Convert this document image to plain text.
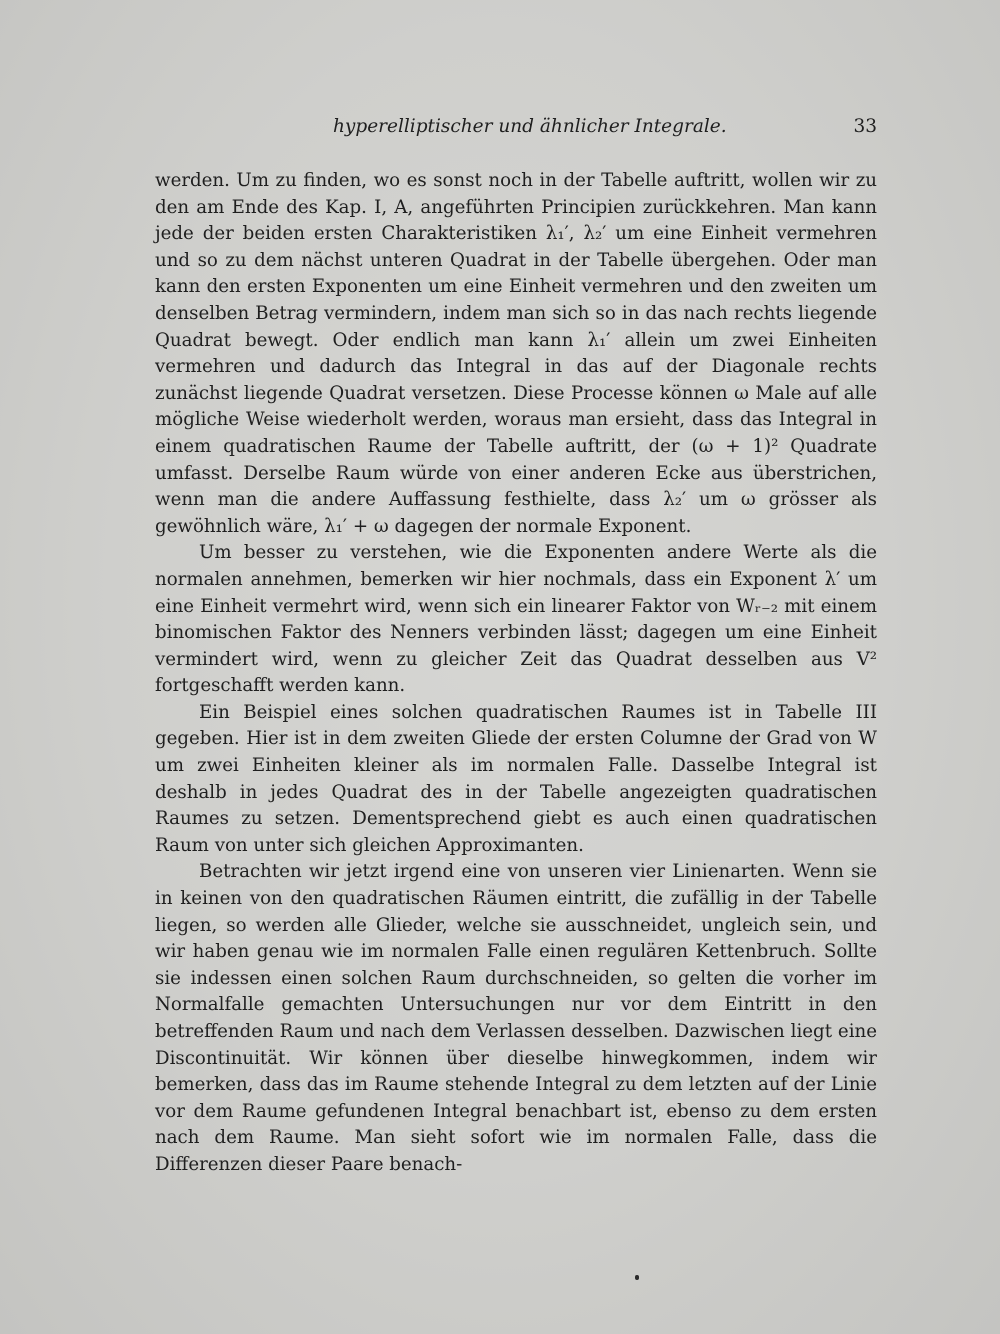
hyperelliptischer und ähnlicher Integrale.	33

werden. Um zu finden, wo es sonst noch in der Tabelle auftritt, wollen wir zu den am Ende des Kap. I, A, angeführten Principien zurückkehren. Man kann jede der beiden ersten Charakteristiken λ₁′, λ₂′ um eine Einheit vermehren und so zu dem nächst unteren Quadrat in der Tabelle übergehen. Oder man kann den ersten Exponenten um eine Einheit vermehren und den zweiten um denselben Betrag vermindern, indem man sich so in das nach rechts liegende Quadrat bewegt. Oder endlich man kann λ₁′ allein um zwei Einheiten vermehren und dadurch das Integral in das auf der Diagonale rechts zunächst liegende Quadrat versetzen. Diese Processe können ω Male auf alle mögliche Weise wiederholt werden, woraus man ersieht, dass das Integral in einem quadratischen Raume der Tabelle auftritt, der (ω + 1)² Quadrate umfasst. Derselbe Raum würde von einer anderen Ecke aus überstrichen, wenn man die andere Auffassung festhielte, dass λ₂′ um ω grösser als gewöhnlich wäre, λ₁′ + ω dagegen der normale Exponent.

Um besser zu verstehen, wie die Exponenten andere Werte als die normalen annehmen, bemerken wir hier nochmals, dass ein Exponent λ′ um eine Einheit vermehrt wird, wenn sich ein linearer Faktor von Wᵣ₋₂ mit einem binomischen Faktor des Nenners verbinden lässt; dagegen um eine Einheit vermindert wird, wenn zu gleicher Zeit das Quadrat desselben aus V² fortgeschafft werden kann.

Ein Beispiel eines solchen quadratischen Raumes ist in Tabelle III gegeben. Hier ist in dem zweiten Gliede der ersten Columne der Grad von W um zwei Einheiten kleiner als im normalen Falle. Dasselbe Integral ist deshalb in jedes Quadrat des in der Tabelle angezeigten quadratischen Raumes zu setzen. Dementsprechend giebt es auch einen quadratischen Raum von unter sich gleichen Approximanten.

Betrachten wir jetzt irgend eine von unseren vier Linienarten. Wenn sie in keinen von den quadratischen Räumen eintritt, die zufällig in der Tabelle liegen, so werden alle Glieder, welche sie ausschneidet, ungleich sein, und wir haben genau wie im normalen Falle einen regulären Kettenbruch. Sollte sie indessen einen solchen Raum durchschneiden, so gelten die vorher im Normalfalle gemachten Untersuchungen nur vor dem Eintritt in den betreffenden Raum und nach dem Verlassen desselben. Dazwischen liegt eine Discontinuität. Wir können über dieselbe hinwegkommen, indem wir bemerken, dass das im Raume stehende Integral zu dem letzten auf der Linie vor dem Raume gefundenen Integral benachbart ist, ebenso zu dem ersten nach dem Raume. Man sieht sofort wie im normalen Falle, dass die Differenzen dieser Paare benach-
